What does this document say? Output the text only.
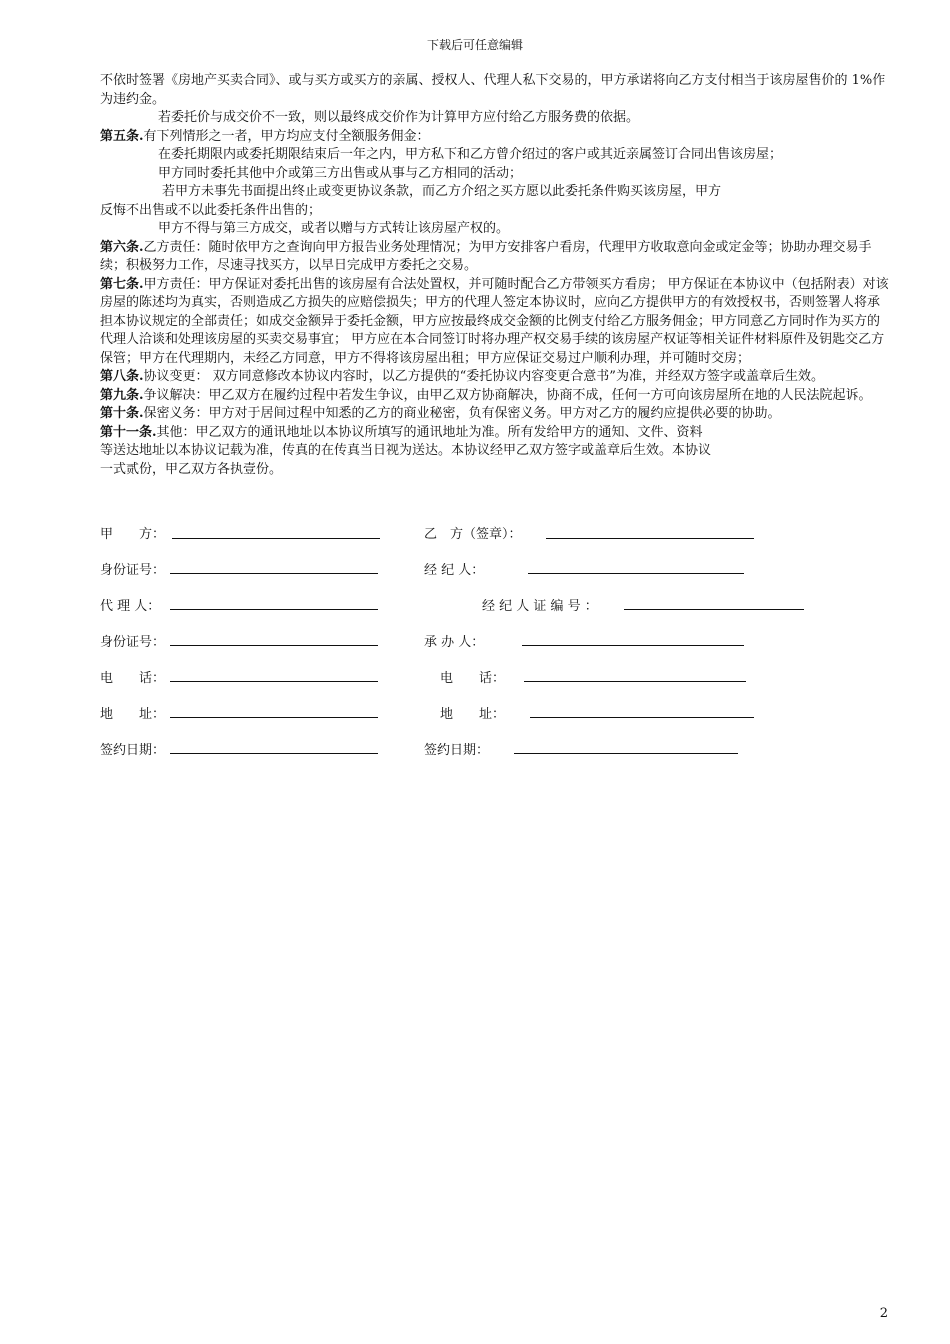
下载后可任意编辑

不依时签署《房地产买卖合同》、或与买方或买方的亲属、授权人、代理人私下交易的，甲方承诺将向乙方支付相当于该房屋售价的 1%作为违约金。

若委托价与成交价不一致，则以最终成交价作为计算甲方应付给乙方服务费的依据。

第五条.有下列情形之一者，甲方均应支付全额服务佣金：

在委托期限内或委托期限结束后一年之内，甲方私下和乙方曾介绍过的客户或其近亲属签订合同出售该房屋；

甲方同时委托其他中介或第三方出售或从事与乙方相同的活动；

若甲方未事先书面提出终止或变更协议条款，而乙方介绍之买方愿以此委托条件购买该房屋，甲方

反悔不出售或不以此委托条件出售的；

甲方不得与第三方成交，或者以赠与方式转让该房屋产权的。

第六条.乙方责任：随时依甲方之查询向甲方报告业务处理情况；为甲方安排客户看房，代理甲方收取意向金或定金等；协助办理交易手续；积极努力工作，尽速寻找买方，以早日完成甲方委托之交易。

第七条.甲方责任：甲方保证对委托出售的该房屋有合法处置权，并可随时配合乙方带领买方看房； 甲方保证在本协议中（包括附表）对该房屋的陈述均为真实，否则造成乙方损失的应赔偿损失；甲方的代理人签定本协议时，应向乙方提供甲方的有效授权书，否则签署人将承担本协议规定的全部责任；如成交金额异于委托金额，甲方应按最终成交金额的比例支付给乙方服务佣金；甲方同意乙方同时作为买方的代理人洽谈和处理该房屋的买卖交易事宜； 甲方应在本合同签订时将办理产权交易手续的该房屋产权证等相关证件材料原件及钥匙交乙方保管；甲方在代理期内，未经乙方同意，甲方不得将该房屋出租；甲方应保证交易过户顺利办理，并可随时交房；

第八条.协议变更： 双方同意修改本协议内容时，以乙方提供的“委托协议内容变更合意书”为准，并经双方签字或盖章后生效。

第九条.争议解决：甲乙双方在履约过程中若发生争议，由甲乙双方协商解决，协商不成，任何一方可向该房屋所在地的人民法院起诉。

第十条.保密义务：甲方对于居间过程中知悉的乙方的商业秘密，负有保密义务。甲方对乙方的履约应提供必要的协助。

第十一条.其他：甲乙双方的通讯地址以本协议所填写的通讯地址为准。所有发给甲方的通知、文件、资料

等送达地址以本协议记载为准，传真的在传真当日视为送达。本协议经甲乙双方签字或盖章后生效。本协议

一式贰份，甲乙双方各执壹份。

甲　　方：	乙　方（签章）：
身份证号：	经 纪 人：
代 理 人：	经 纪 人 证 编 号 ：
身份证号：	承 办 人：
电　　话：	电　　话：
地　　址：	地　　址：
签约日期：	签约日期：
2
